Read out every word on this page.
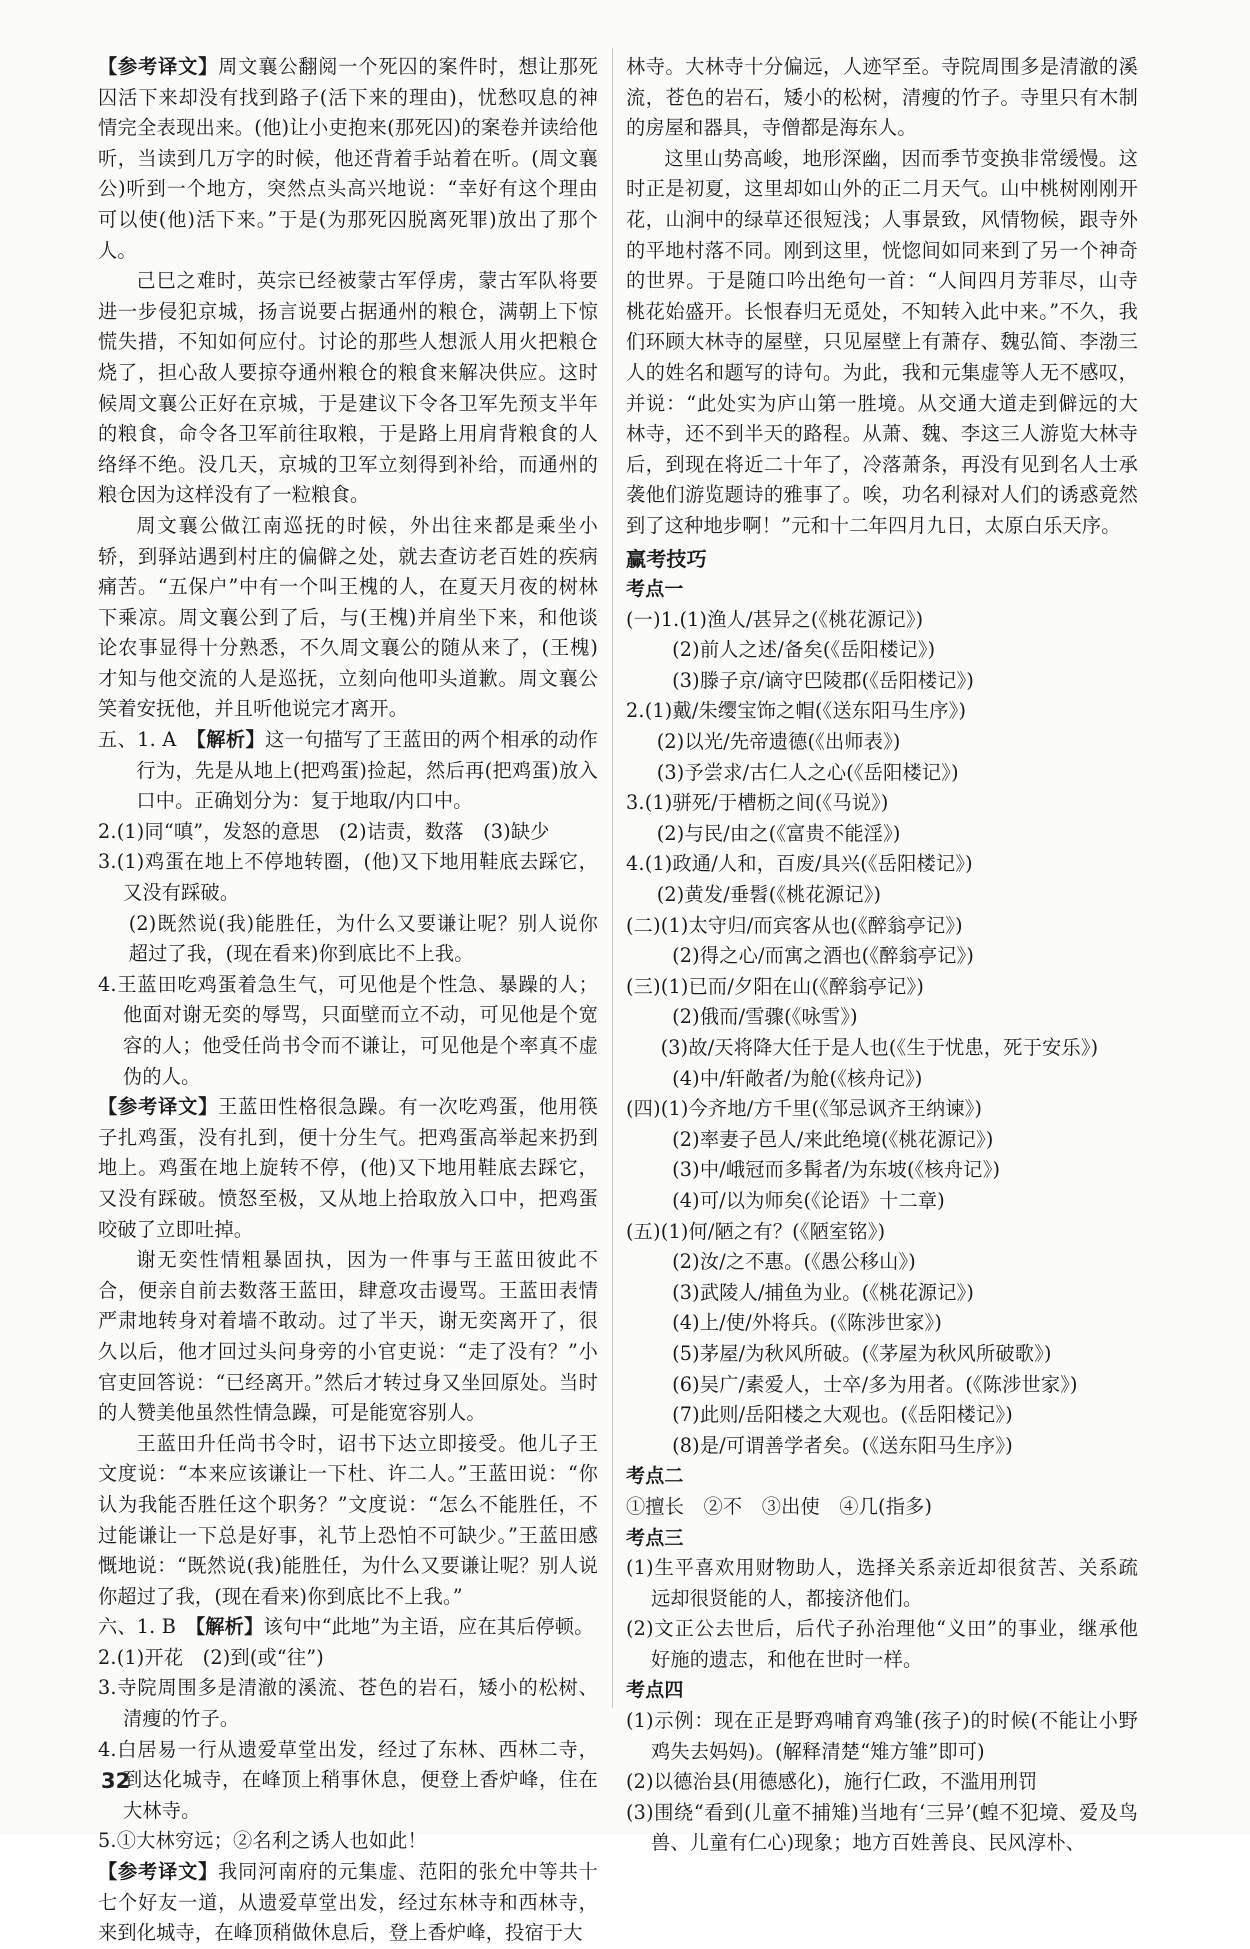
【参考译文】周文襄公翻阅一个死囚的案件时，想让那死囚活下来却没有找到路子(活下来的理由)，忧愁叹息的神情完全表现出来。(他)让小吏抱来(那死囚)的案卷并读给他听，当读到几万字的时候，他还背着手站着在听。(周文襄公)听到一个地方，突然点头高兴地说：“幸好有这个理由可以使(他)活下来。”于是(为那死囚脱离死罪)放出了那个人。

己巳之难时，英宗已经被蒙古军俘虏，蒙古军队将要进一步侵犯京城，扬言说要占据通州的粮仓，满朝上下惊慌失措，不知如何应付。讨论的那些人想派人用火把粮仓烧了，担心敌人要掠夺通州粮仓的粮食来解决供应。这时候周文襄公正好在京城，于是建议下令各卫军先预支半年的粮食，命令各卫军前往取粮，于是路上用肩背粮食的人络绎不绝。没几天，京城的卫军立刻得到补给，而通州的粮仓因为这样没有了一粒粮食。

周文襄公做江南巡抚的时候，外出往来都是乘坐小轿，到驿站遇到村庄的偏僻之处，就去查访老百姓的疾病痛苦。“五保户”中有一个叫王槐的人，在夏天月夜的树林下乘凉。周文襄公到了后，与(王槐)并肩坐下来，和他谈论农事显得十分熟悉，不久周文襄公的随从来了，(王槐)才知与他交流的人是巡抚，立刻向他叩头道歉。周文襄公笑着安抚他，并且听他说完才离开。

五、1. A　 【解析】这一句描写了王蓝田的两个相承的动作行为，先是从地上(把鸡蛋)捡起，然后再(把鸡蛋)放入口中。正确划分为：复于地取/内口中。

2.(1)同“嗔”，发怒的意思　(2)诘责，数落　(3)缺少

3.(1)鸡蛋在地上不停地转圈，(他)又下地用鞋底去踩它，又没有踩破。

(2)既然说(我)能胜任，为什么又要谦让呢？别人说你超过了我，(现在看来)你到底比不上我。

4.王蓝田吃鸡蛋着急生气，可见他是个性急、暴躁的人；他面对谢无奕的辱骂，只面壁而立不动，可见他是个宽容的人；他受任尚书令而不谦让，可见他是个率真不虚伪的人。

【参考译文】王蓝田性格很急躁。有一次吃鸡蛋，他用筷子扎鸡蛋，没有扎到，便十分生气。把鸡蛋高举起来扔到地上。鸡蛋在地上旋转不停，(他)又下地用鞋底去踩它，又没有踩破。愤怒至极，又从地上拾取放入口中，把鸡蛋咬破了立即吐掉。

谢无奕性情粗暴固执，因为一件事与王蓝田彼此不合，便亲自前去数落王蓝田，肆意攻击谩骂。王蓝田表情严肃地转身对着墙不敢动。过了半天，谢无奕离开了，很久以后，他才回过头问身旁的小官吏说：“走了没有？”小官吏回答说：“已经离开。”然后才转过身又坐回原处。当时的人赞美他虽然性情急躁，可是能宽容别人。

王蓝田升任尚书令时，诏书下达立即接受。他儿子王文度说：“本来应该谦让一下杜、许二人。”王蓝田说：“你认为我能否胜任这个职务？”文度说：“怎么不能胜任，不过能谦让一下总是好事，礼节上恐怕不可缺少。”王蓝田感慨地说：“既然说(我)能胜任，为什么又要谦让呢？别人说你超过了我，(现在看来)你到底比不上我。”

六、1. B　 【解析】该句中“此地”为主语，应在其后停顿。

2.(1)开花　(2)到(或“往”)

3.寺院周围多是清澈的溪流、苍色的岩石，矮小的松树、清瘦的竹子。

4.白居易一行从遗爱草堂出发，经过了东林、西林二寺，到达化城寺，在峰顶上稍事休息，便登上香炉峰，住在大林寺。

5.①大林穷远；②名利之诱人也如此！

【参考译文】我同河南府的元集虚、范阳的张允中等共十七个好友一道，从遗爱草堂出发，经过东林寺和西林寺，来到化城寺，在峰顶稍做休息后，登上香炉峰，投宿于大

林寺。大林寺十分偏远，人迹罕至。寺院周围多是清澈的溪流，苍色的岩石，矮小的松树，清瘦的竹子。寺里只有木制的房屋和器具，寺僧都是海东人。

这里山势高峻，地形深幽，因而季节变换非常缓慢。这时正是初夏，这里却如山外的正二月天气。山中桃树刚刚开花，山涧中的绿草还很短浅；人事景致，风情物候，跟寺外的平地村落不同。刚到这里，恍惚间如同来到了另一个神奇的世界。于是随口吟出绝句一首：“人间四月芳菲尽，山寺桃花始盛开。长恨春归无觅处，不知转入此中来。”不久，我们环顾大林寺的屋壁，只见屋壁上有萧存、魏弘简、李渤三人的姓名和题写的诗句。为此，我和元集虚等人无不感叹，并说：“此处实为庐山第一胜境。从交通大道走到僻远的大林寺，还不到半天的路程。从萧、魏、李这三人游览大林寺后，到现在将近二十年了，冷落萧条，再没有见到名人士承袭他们游览题诗的雅事了。唉，功名利禄对人们的诱惑竟然到了这种地步啊！”元和十二年四月九日，太原白乐天序。

赢考技巧

考点一

(一)1.(1)渔人/甚异之(《桃花源记》)

(2)前人之述/备矣(《岳阳楼记》)

(3)滕子京/谪守巴陵郡(《岳阳楼记》)

2.(1)戴/朱缨宝饰之帽(《送东阳马生序》)

(2)以光/先帝遗德(《出师表》)

(3)予尝求/古仁人之心(《岳阳楼记》)

3.(1)骈死/于槽枥之间(《马说》)

(2)与民/由之(《富贵不能淫》)

4.(1)政通/人和，百废/具兴(《岳阳楼记》)

(2)黄发/垂髫(《桃花源记》)

(二)(1)太守归/而宾客从也(《醉翁亭记》)

(2)得之心/而寓之酒也(《醉翁亭记》)

(三)(1)已而/夕阳在山(《醉翁亭记》)

(2)俄而/雪骤(《咏雪》)

(3)故/天将降大任于是人也(《生于忧患，死于安乐》)

(4)中/轩敞者/为舱(《核舟记》)

(四)(1)今齐地/方千里(《邹忌讽齐王纳谏》)

(2)率妻子邑人/来此绝境(《桃花源记》)

(3)中/峨冠而多髯者/为东坡(《核舟记》)

(4)可/以为师矣(《论语》十二章)

(五)(1)何/陋之有？(《陋室铭》)

(2)汝/之不惠。(《愚公移山》)

(3)武陵人/捕鱼为业。(《桃花源记》)

(4)上/使/外将兵。(《陈涉世家》)

(5)茅屋/为秋风所破。(《茅屋为秋风所破歌》)

(6)吴广/素爱人，士卒/多为用者。(《陈涉世家》)

(7)此则/岳阳楼之大观也。(《岳阳楼记》)

(8)是/可谓善学者矣。(《送东阳马生序》)

考点二

①擅长　②不　③出使　④几(指多)

考点三

(1)生平喜欢用财物助人，选择关系亲近却很贫苦、关系疏远却很贤能的人，都接济他们。

(2)文正公去世后，后代子孙治理他“义田”的事业，继承他好施的遗志，和他在世时一样。

考点四

(1)示例：现在正是野鸡哺育鸡雏(孩子)的时候(不能让小野鸡失去妈妈)。(解释清楚“雉方雏”即可)

(2)以德治县(用德感化)，施行仁政，不滥用刑罚

(3)围绕“看到(儿童不捕雉)当地有‘三异’(蝗不犯境、爱及鸟兽、儿童有仁心)现象；地方百姓善良、民风淳朴、

32
